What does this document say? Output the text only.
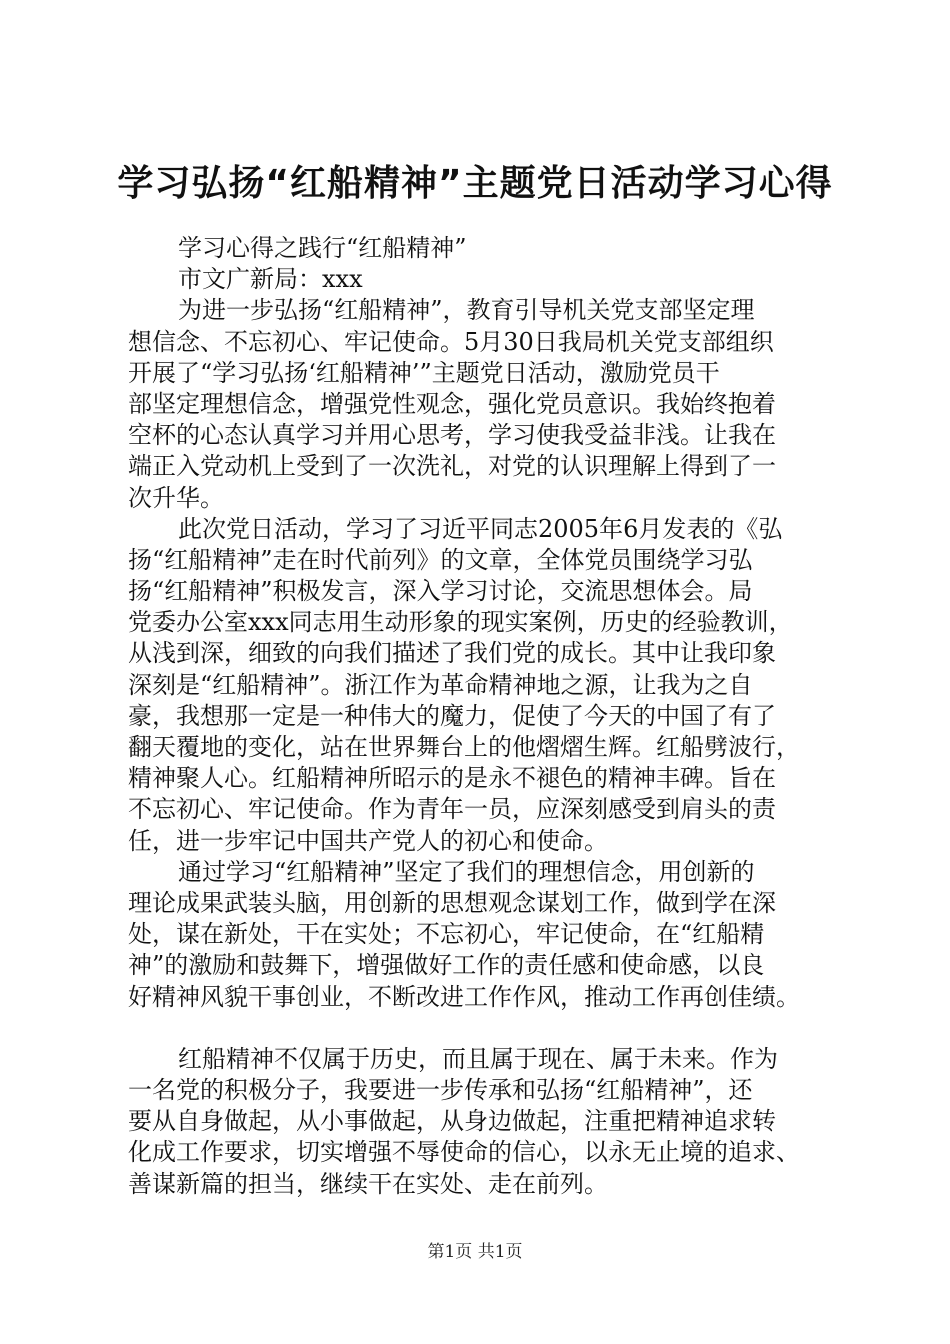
学习弘扬“红船精神”主题党日活动学习心得
学习心得之践行“红船精神”
市文广新局：xxx
为进一步弘扬“红船精神”，教育引导机关党支部坚定理
想信念、不忘初心、牢记使命。5月30日我局机关党支部组织
开展了“学习弘扬‘红船精神’”主题党日活动，激励党员干
部坚定理想信念，增强党性观念，强化党员意识。我始终抱着
空杯的心态认真学习并用心思考，学习使我受益非浅。让我在
端正入党动机上受到了一次洗礼，对党的认识理解上得到了一
次升华。
此次党日活动，学习了习近平同志2005年6月发表的《弘
扬“红船精神”走在时代前列》的文章，全体党员围绕学习弘
扬“红船精神”积极发言，深入学习讨论，交流思想体会。局
党委办公室xxx同志用生动形象的现实案例，历史的经验教训，
从浅到深，细致的向我们描述了我们党的成长。其中让我印象
深刻是“红船精神”。浙江作为革命精神地之源，让我为之自
豪，我想那一定是一种伟大的魔力，促使了今天的中国了有了
翻天覆地的变化，站在世界舞台上的他熠熠生辉。红船劈波行，
精神聚人心。红船精神所昭示的是永不褪色的精神丰碑。旨在
不忘初心、牢记使命。作为青年一员，应深刻感受到肩头的责
任，进一步牢记中国共产党人的初心和使命。
通过学习“红船精神”坚定了我们的理想信念，用创新的
理论成果武装头脑，用创新的思想观念谋划工作，做到学在深
处，谋在新处，干在实处；不忘初心，牢记使命，在“红船精
神”的激励和鼓舞下，增强做好工作的责任感和使命感，以良
好精神风貌干事创业，不断改进工作作风，推动工作再创佳绩。
红船精神不仅属于历史，而且属于现在、属于未来。作为
一名党的积极分子，我要进一步传承和弘扬“红船精神”，还
要从自身做起，从小事做起，从身边做起，注重把精神追求转
化成工作要求，切实增强不辱使命的信心，以永无止境的追求、
善谋新篇的担当，继续干在实处、走在前列。
第1页 共1页
